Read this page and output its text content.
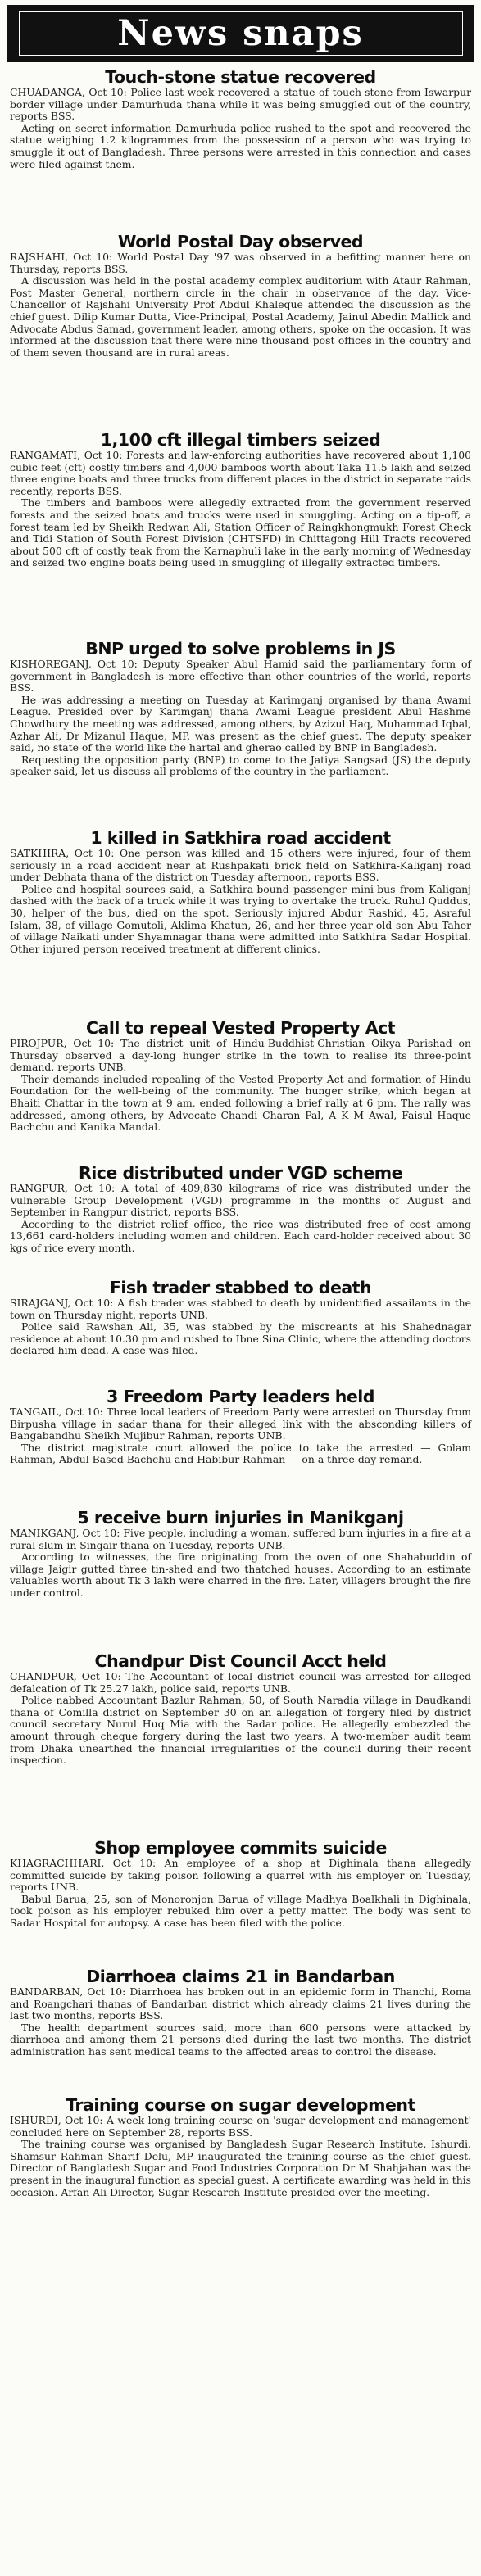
News snaps
Touch-stone statue recovered

CHUADANGA, Oct 10: Police last week recovered a statue of touch-stone from Iswarpur border village under Damurhuda thana while it was being smuggled out of the country, reports BSS.

Acting on secret information Damurhuda police rushed to the spot and recovered the statue weighing 1.2 kilogrammes from the possession of a person who was trying to smuggle it out of Bangladesh. Three persons were arrested in this connection and cases were filed against them.

World Postal Day observed

RAJSHAHI, Oct 10: World Postal Day '97 was observed in a befitting manner here on Thursday, reports BSS.

A discussion was held in the postal academy complex auditorium with Ataur Rahman, Post Master General, northern circle in the chair in observance of the day. Vice-Chancellor of Rajshahi University Prof Abdul Khaleque attended the discussion as the chief guest. Dilip Kumar Dutta, Vice-Principal, Postal Academy, Jainul Abedin Mallick and Advocate Abdus Samad, government leader, among others, spoke on the occasion. It was informed at the discussion that there were nine thousand post offices in the country and of them seven thousand are in rural areas.

1,100 cft illegal timbers seized

RANGAMATI, Oct 10: Forests and law-enforcing authorities have recovered about 1,100 cubic feet (cft) costly timbers and 4,000 bamboos worth about Taka 11.5 lakh and seized three engine boats and three trucks from different places in the district in separate raids recently, reports BSS.

The timbers and bamboos were allegedly extracted from the government reserved forests and the seized boats and trucks were used in smuggling. Acting on a tip-off, a forest team led by Sheikh Redwan Ali, Station Officer of Raingkhongmukh Forest Check and Tidi Station of South Forest Division (CHTSFD) in Chittagong Hill Tracts recovered about 500 cft of costly teak from the Karnaphuli lake in the early morning of Wednesday and seized two engine boats being used in smuggling of illegally extracted timbers.

BNP urged to solve problems in JS

KISHOREGANJ, Oct 10: Deputy Speaker Abul Hamid said the parliamentary form of government in Bangladesh is more effective than other countries of the world, reports BSS.

He was addressing a meeting on Tuesday at Karimganj organised by thana Awami League. Presided over by Karimganj thana Awami League president Abul Hashme Chowdhury the meeting was addressed, among others, by Azizul Haq, Muhammad Iqbal, Azhar Ali, Dr Mizanul Haque, MP, was present as the chief guest. The deputy speaker said, no state of the world like the hartal and gherao called by BNP in Bangladesh.

Requesting the opposition party (BNP) to come to the Jatiya Sangsad (JS) the deputy speaker said, let us discuss all problems of the country in the parliament.

1 killed in Satkhira road accident

SATKHIRA, Oct 10: One person was killed and 15 others were injured, four of them seriously in a road accident near at Rushpakati brick field on Satkhira-Kaliganj road under Debhata thana of the district on Tuesday afternoon, reports BSS.

Police and hospital sources said, a Satkhira-bound passenger mini-bus from Kaliganj dashed with the back of a truck while it was trying to overtake the truck. Ruhul Quddus, 30, helper of the bus, died on the spot. Seriously injured Abdur Rashid, 45, Asraful Islam, 38, of village Gomutoli, Aklima Khatun, 26, and her three-year-old son Abu Taher of village Naikati under Shyamnagar thana were admitted into Satkhira Sadar Hospital. Other injured person received treatment at different clinics.

Call to repeal Vested Property Act

PIROJPUR, Oct 10: The district unit of Hindu-Buddhist-Christian Oikya Parishad on Thursday observed a day-long hunger strike in the town to realise its three-point demand, reports UNB.

Their demands included repealing of the Vested Property Act and formation of Hindu Foundation for the well-being of the community. The hunger strike, which began at Bhaiti Chattar in the town at 9 am, ended following a brief rally at 6 pm. The rally was addressed, among others, by Advocate Chandi Charan Pal, A K M Awal, Faisul Haque Bachchu and Kanika Mandal.

Rice distributed under VGD scheme

RANGPUR, Oct 10: A total of 409,830 kilograms of rice was distributed under the Vulnerable Group Development (VGD) programme in the months of August and September in Rangpur district, reports BSS.

According to the district relief office, the rice was distributed free of cost among 13,661 card-holders including women and children. Each card-holder received about 30 kgs of rice every month.

Fish trader stabbed to death

SIRAJGANJ, Oct 10: A fish trader was stabbed to death by unidentified assailants in the town on Thursday night, reports UNB.

Police said Rawshan Ali, 35, was stabbed by the miscreants at his Shahednagar residence at about 10.30 pm and rushed to Ibne Sina Clinic, where the attending doctors declared him dead. A case was filed.

3 Freedom Party leaders held

TANGAIL, Oct 10: Three local leaders of Freedom Party were arrested on Thursday from Birpusha village in sadar thana for their alleged link with the absconding killers of Bangabandhu Sheikh Mujibur Rahman, reports UNB.

The district magistrate court allowed the police to take the arrested — Golam Rahman, Abdul Based Bachchu and Habibur Rahman — on a three-day remand.

5 receive burn injuries in Manikganj

MANIKGANJ, Oct 10: Five people, including a woman, suffered burn injuries in a fire at a rural-slum in Singair thana on Tuesday, reports UNB.

According to witnesses, the fire originating from the oven of one Shahabuddin of village Jaigir gutted three tin-shed and two thatched houses. According to an estimate valuables worth about Tk 3 lakh were charred in the fire. Later, villagers brought the fire under control.

Chandpur Dist Council Acct held

CHANDPUR, Oct 10: The Accountant of local district council was arrested for alleged defalcation of Tk 25.27 lakh, police said, reports UNB.

Police nabbed Accountant Bazlur Rahman, 50, of South Naradia village in Daudkandi thana of Comilla district on September 30 on an allegation of forgery filed by district council secretary Nurul Huq Mia with the Sadar police. He allegedly embezzled the amount through cheque forgery during the last two years. A two-member audit team from Dhaka unearthed the financial irregularities of the council during their recent inspection.

Shop employee commits suicide

KHAGRACHHARI, Oct 10: An employee of a shop at Dighinala thana allegedly committed suicide by taking poison following a quarrel with his employer on Tuesday, reports UNB.

Babul Barua, 25, son of Monoronjon Barua of village Madhya Boalkhali in Dighinala, took poison as his employer rebuked him over a petty matter. The body was sent to Sadar Hospital for autopsy. A case has been filed with the police.

Diarrhoea claims 21 in Bandarban

BANDARBAN, Oct 10: Diarrhoea has broken out in an epidemic form in Thanchi, Roma and Roangchari thanas of Bandarban district which already claims 21 lives during the last two months, reports BSS.

The health department sources said, more than 600 persons were attacked by diarrhoea and among them 21 persons died during the last two months. The district administration has sent medical teams to the affected areas to control the disease.

Training course on sugar development

ISHURDI, Oct 10: A week long training course on 'sugar development and management' concluded here on September 28, reports BSS.

The training course was organised by Bangladesh Sugar Research Institute, Ishurdi. Shamsur Rahman Sharif Delu, MP inaugurated the training course as the chief guest. Director of Bangladesh Sugar and Food Industries Corporation Dr M Shahjahan was the present in the inaugural function as special guest. A certificate awarding was held in this occasion. Arfan Ali Director, Sugar Research Institute presided over the meeting.
